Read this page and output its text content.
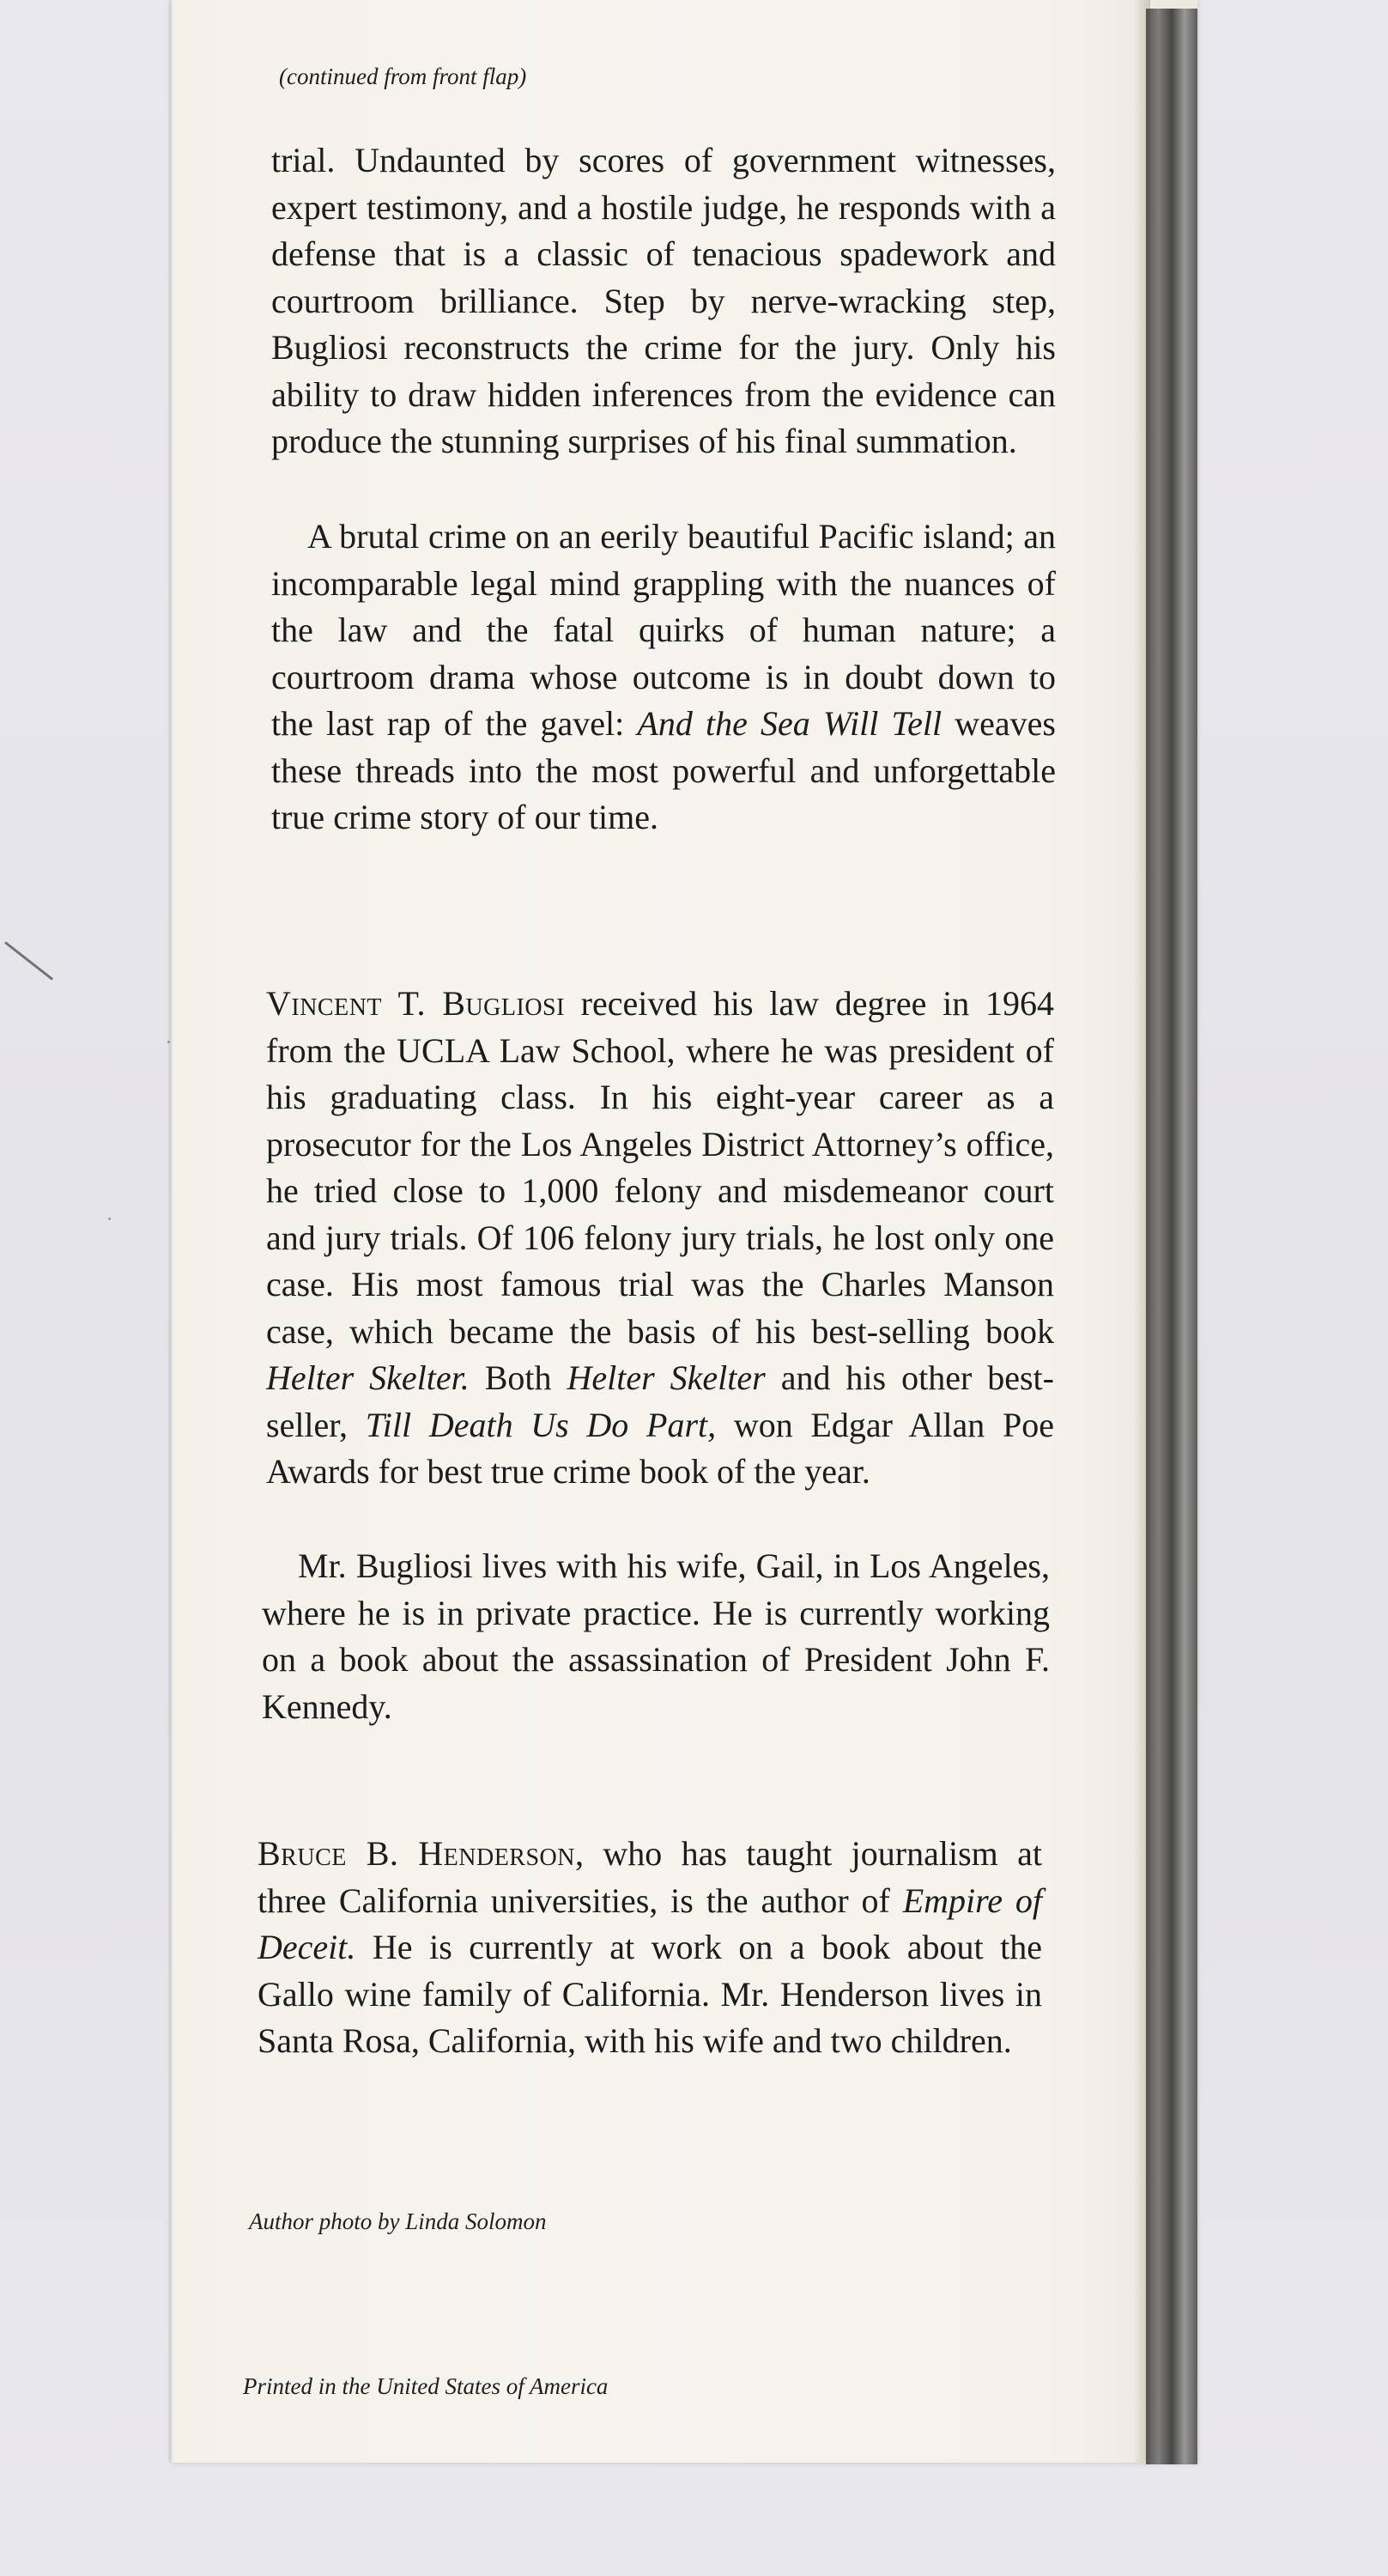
(continued from front flap)

trial. Undaunted by scores of government witnesses, expert testimony, and a hostile judge, he responds with a defense that is a classic of tenacious spadework and courtroom brilliance. Step by nerve-wracking step, Bugliosi reconstructs the crime for the jury. Only his ability to draw hidden inferences from the evidence can produce the stunning surprises of his final summation.

A brutal crime on an eerily beautiful Pacific island; an incomparable legal mind grappling with the nuances of the law and the fatal quirks of human nature; a courtroom drama whose outcome is in doubt down to the last rap of the gavel: And the Sea Will Tell weaves these threads into the most powerful and unforgettable true crime story of our time.

Vincent T. Bugliosi received his law degree in 1964 from the UCLA Law School, where he was president of his graduating class. In his eight-year career as a prosecutor for the Los Angeles District Attorney’s office, he tried close to 1,000 felony and misdemeanor court and jury trials. Of 106 felony jury trials, he lost only one case. His most famous trial was the Charles Manson case, which became the basis of his best-selling book Helter Skelter. Both Helter Skelter and his other best-seller, Till Death Us Do Part, won Edgar Allan Poe Awards for best true crime book of the year.

Mr. Bugliosi lives with his wife, Gail, in Los Angeles, where he is in private practice. He is currently working on a book about the assassination of President John F. Kennedy.

Bruce B. Henderson, who has taught journalism at three California universities, is the author of Empire of Deceit. He is currently at work on a book about the Gallo wine family of California. Mr. Henderson lives in Santa Rosa, California, with his wife and two children.

Author photo by Linda Solomon
Printed in the United States of America
